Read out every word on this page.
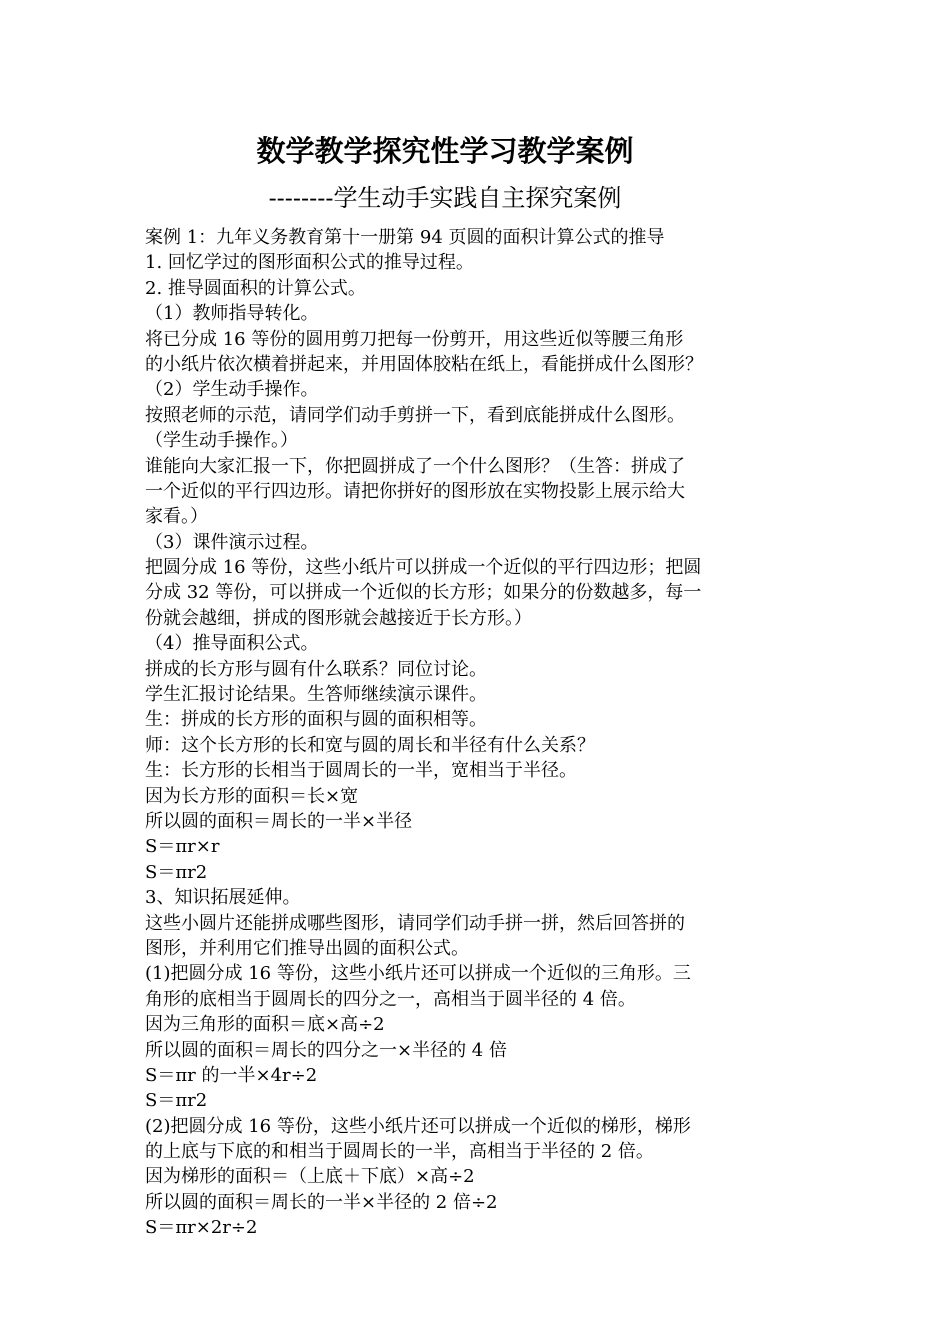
数学教学探究性学习教学案例
--------学生动手实践自主探究案例
案例 1：九年义务教育第十一册第 94 页圆的面积计算公式的推导
1. 回忆学过的图形面积公式的推导过程。
2. 推导圆面积的计算公式。
（1）教师指导转化。
将已分成 16 等份的圆用剪刀把每一份剪开，用这些近似等腰三角形
的小纸片依次横着拼起来，并用固体胶粘在纸上，看能拼成什么图形？
（2）学生动手操作。
按照老师的示范，请同学们动手剪拼一下，看到底能拼成什么图形。
（学生动手操作。）
谁能向大家汇报一下，你把圆拼成了一个什么图形？（生答：拼成了
一个近似的平行四边形。请把你拼好的图形放在实物投影上展示给大
家看。）
（3）课件演示过程。
把圆分成 16 等份，这些小纸片可以拼成一个近似的平行四边形；把圆
分成 32 等份，可以拼成一个近似的长方形；如果分的份数越多，每一
份就会越细，拼成的图形就会越接近于长方形。）
（4）推导面积公式。
拼成的长方形与圆有什么联系？同位讨论。
学生汇报讨论结果。生答师继续演示课件。
生：拼成的长方形的面积与圆的面积相等。
师：这个长方形的长和宽与圆的周长和半径有什么关系？
生：长方形的长相当于圆周长的一半，宽相当于半径。
因为长方形的面积＝长×宽
所以圆的面积＝周长的一半×半径
S＝πr×r
S＝πr2
3、知识拓展延伸。
这些小圆片还能拼成哪些图形，请同学们动手拼一拼，然后回答拼的
图形，并利用它们推导出圆的面积公式。
(1)把圆分成 16 等份，这些小纸片还可以拼成一个近似的三角形。三
角形的底相当于圆周长的四分之一，高相当于圆半径的 4 倍。
因为三角形的面积＝底×高÷2
所以圆的面积＝周长的四分之一×半径的 4 倍
S＝πr 的一半×4r÷2
S＝πr2
(2)把圆分成 16 等份，这些小纸片还可以拼成一个近似的梯形，梯形
的上底与下底的和相当于圆周长的一半，高相当于半径的 2 倍。
因为梯形的面积＝（上底＋下底）×高÷2
所以圆的面积＝周长的一半×半径的 2 倍÷2
S＝πr×2r÷2
